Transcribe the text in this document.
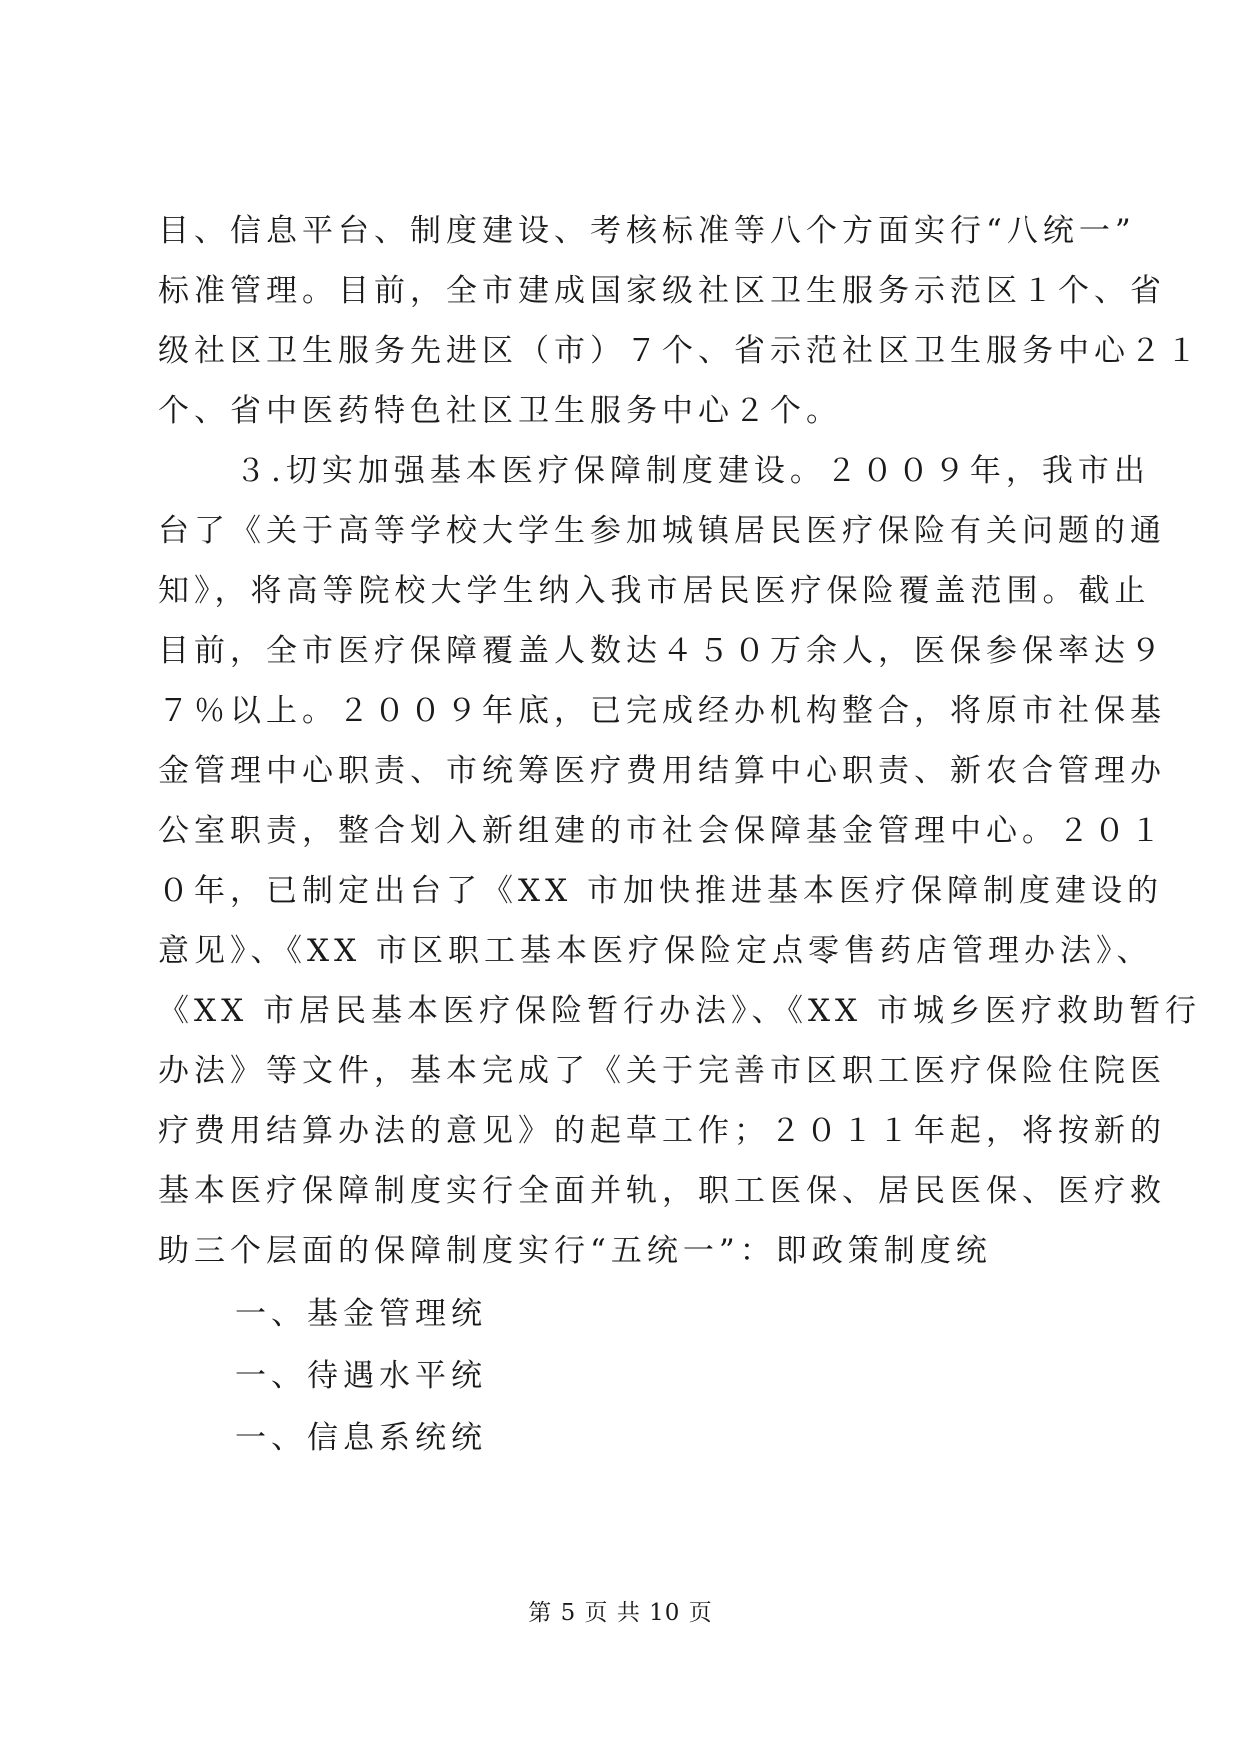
目、信息平台、制度建设、考核标准等八个方面实行“八统一”
标准管理。目前，全市建成国家级社区卫生服务示范区１个、省
级社区卫生服务先进区（市）７个、省示范社区卫生服务中心２１
个、省中医药特色社区卫生服务中心２个。
３.切实加强基本医疗保障制度建设。２００９年，我市出
台了《关于高等学校大学生参加城镇居民医疗保险有关问题的通
知》，将高等院校大学生纳入我市居民医疗保险覆盖范围。截止
目前，全市医疗保障覆盖人数达４５０万余人，医保参保率达９
７％以上。２００９年底，已完成经办机构整合，将原市社保基
金管理中心职责、市统筹医疗费用结算中心职责、新农合管理办
公室职责，整合划入新组建的市社会保障基金管理中心。２０１
０年，已制定出台了《XX 市加快推进基本医疗保障制度建设的
意见》、《XX 市区职工基本医疗保险定点零售药店管理办法》、
《XX 市居民基本医疗保险暂行办法》、《XX 市城乡医疗救助暂行
办法》等文件，基本完成了《关于完善市区职工医疗保险住院医
疗费用结算办法的意见》的起草工作；２０１１年起，将按新的
基本医疗保障制度实行全面并轨，职工医保、居民医保、医疗救
助三个层面的保障制度实行“五统一”：即政策制度统
一、基金管理统
一、待遇水平统
一、信息系统统
第 5 页 共 10 页
